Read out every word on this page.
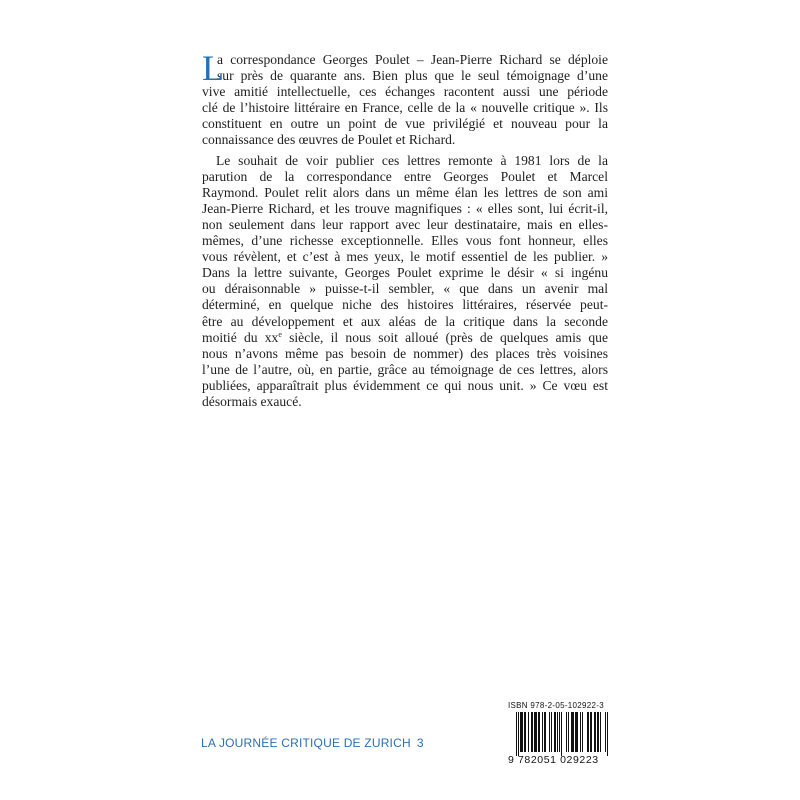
L
a correspondance Georges Poulet – Jean-Pierre Richard se déploie
sur près de quarante ans. Bien plus que le seul témoignage d’une
vive amitié intellectuelle, ces échanges racontent aussi une période
clé de l’histoire littéraire en France, celle de la « nouvelle critique ». Ils
constituent en outre un point de vue privilégié et nouveau pour la
connaissance des œuvres de Poulet et Richard.

Le souhait de voir publier ces lettres remonte à 1981 lors de la
parution de la correspondance entre Georges Poulet et Marcel
Raymond. Poulet relit alors dans un même élan les lettres de son ami
Jean-Pierre Richard, et les trouve magnifiques : « elles sont, lui écrit-il,
non seulement dans leur rapport avec leur destinataire, mais en elles-
mêmes, d’une richesse exceptionnelle. Elles vous font honneur, elles
vous révèlent, et c’est à mes yeux, le motif essentiel de les publier. »
Dans la lettre suivante, Georges Poulet exprime le désir « si ingénu
ou déraisonnable » puisse-t-il sembler, « que dans un avenir mal
déterminé, en quelque niche des histoires littéraires, réservée peut-
être au développement et aux aléas de la critique dans la seconde
moitié du $xx^e$ siècle, il nous soit alloué (près de quelques amis que
nous n’avons même pas besoin de nommer) des places très voisines
l’une de l’autre, où, en partie, grâce au témoignage de ces lettres, alors
publiées, apparaîtrait plus évidemment ce qui nous unit. » Ce vœu est
désormais exaucé.

LA JOURNÉE CRITIQUE DE ZURICH 3
ISBN 978-2-05-102922-3
9 782051 029223
